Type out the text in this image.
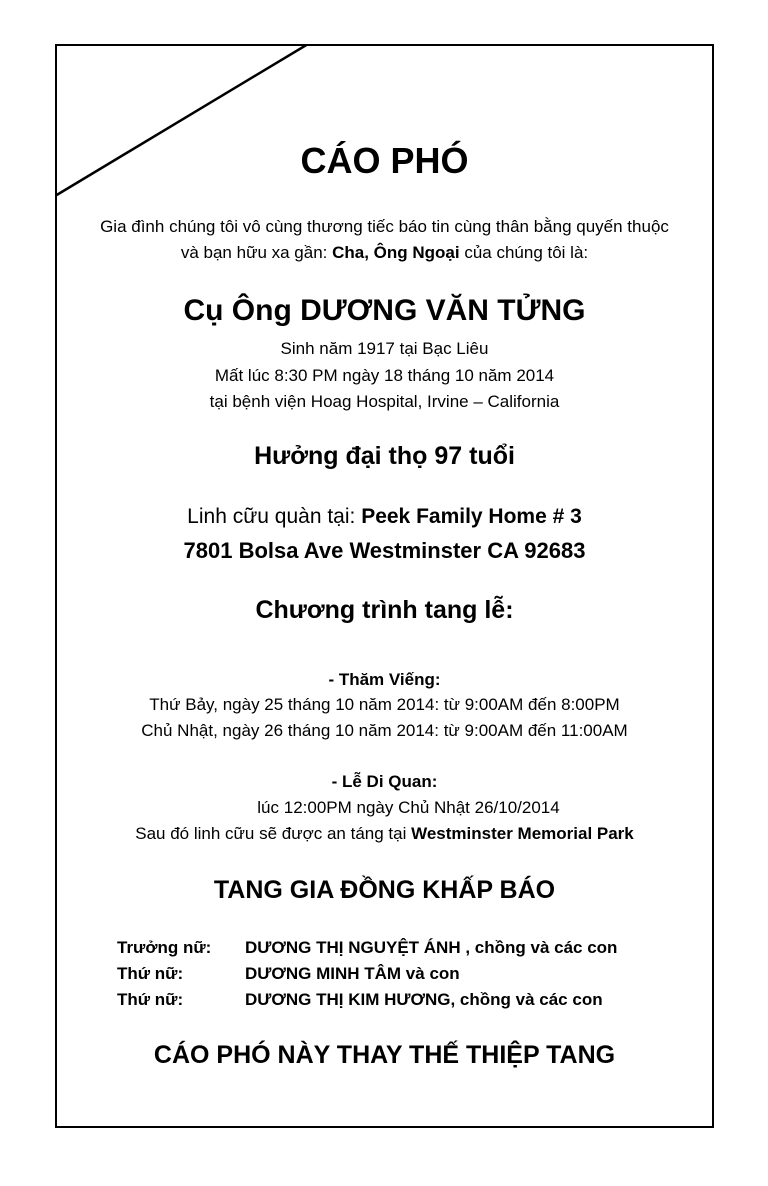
CÁO PHÓ
Gia đình chúng tôi vô cùng thương tiếc báo tin cùng thân bằng quyến thuộc
và bạn hữu xa gần: Cha, Ông Ngoại của chúng tôi là:
Cụ Ông DƯƠNG VĂN TỬNG
Sinh năm 1917 tại Bạc Liêu
Mất lúc 8:30 PM ngày 18 tháng 10 năm 2014
tại bệnh viện Hoag Hospital, Irvine – California
Hưởng đại thọ 97 tuổi
Linh cữu quàn tại: Peek Family Home # 3
7801 Bolsa Ave Westminster CA 92683
Chương trình tang lễ:
- Thăm Viếng:
Thứ Bảy, ngày 25 tháng 10 năm 2014: từ 9:00AM đến 8:00PM
Chủ Nhật, ngày 26 tháng 10 năm 2014: từ 9:00AM đến 11:00AM
- Lễ Di Quan:
lúc 12:00PM ngày Chủ Nhật 26/10/2014
Sau đó linh cữu sẽ được an táng tại Westminster Memorial Park
TANG GIA ĐỒNG KHẤP BÁO
Trưởng nữ: DƯƠNG THỊ NGUYỆT ÁNH , chồng và các con
Thứ nữ:	DƯƠNG MINH TÂM và con
Thứ nữ:	DƯƠNG THỊ KIM HƯƠNG, chồng và các con
CÁO PHÓ NÀY THAY THẾ THIỆP TANG
